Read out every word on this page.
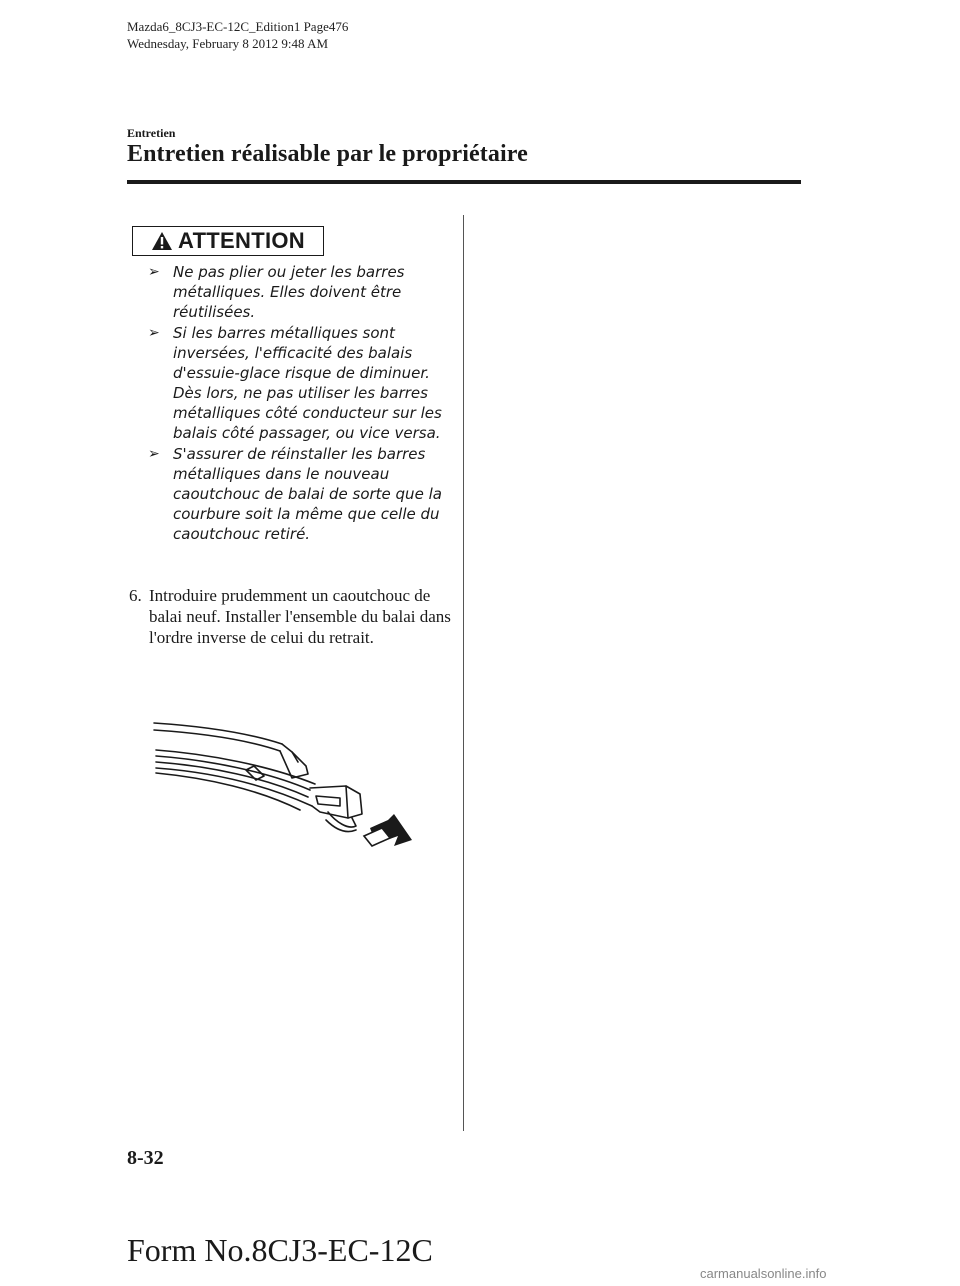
Mazda6_8CJ3-EC-12C_Edition1 Page476
Wednesday, February 8 2012 9:48 AM
Entretien
Entretien réalisable par le propriétaire
ATTENTION
➢ Ne pas plier ou jeter les barres métalliques. Elles doivent être réutilisées.
➢ Si les barres métalliques sont inversées, l'efficacité des balais d'essuie-glace risque de diminuer. Dès lors, ne pas utiliser les barres métalliques côté conducteur sur les balais côté passager, ou vice versa.
➢ S'assurer de réinstaller les barres métalliques dans le nouveau caoutchouc de balai de sorte que la courbure soit la même que celle du caoutchouc retiré.
6. Introduire prudemment un caoutchouc de balai neuf. Installer l'ensemble du balai dans l'ordre inverse de celui du retrait.
8-32
Form No.8CJ3-EC-12C
carmanualsonline.info
